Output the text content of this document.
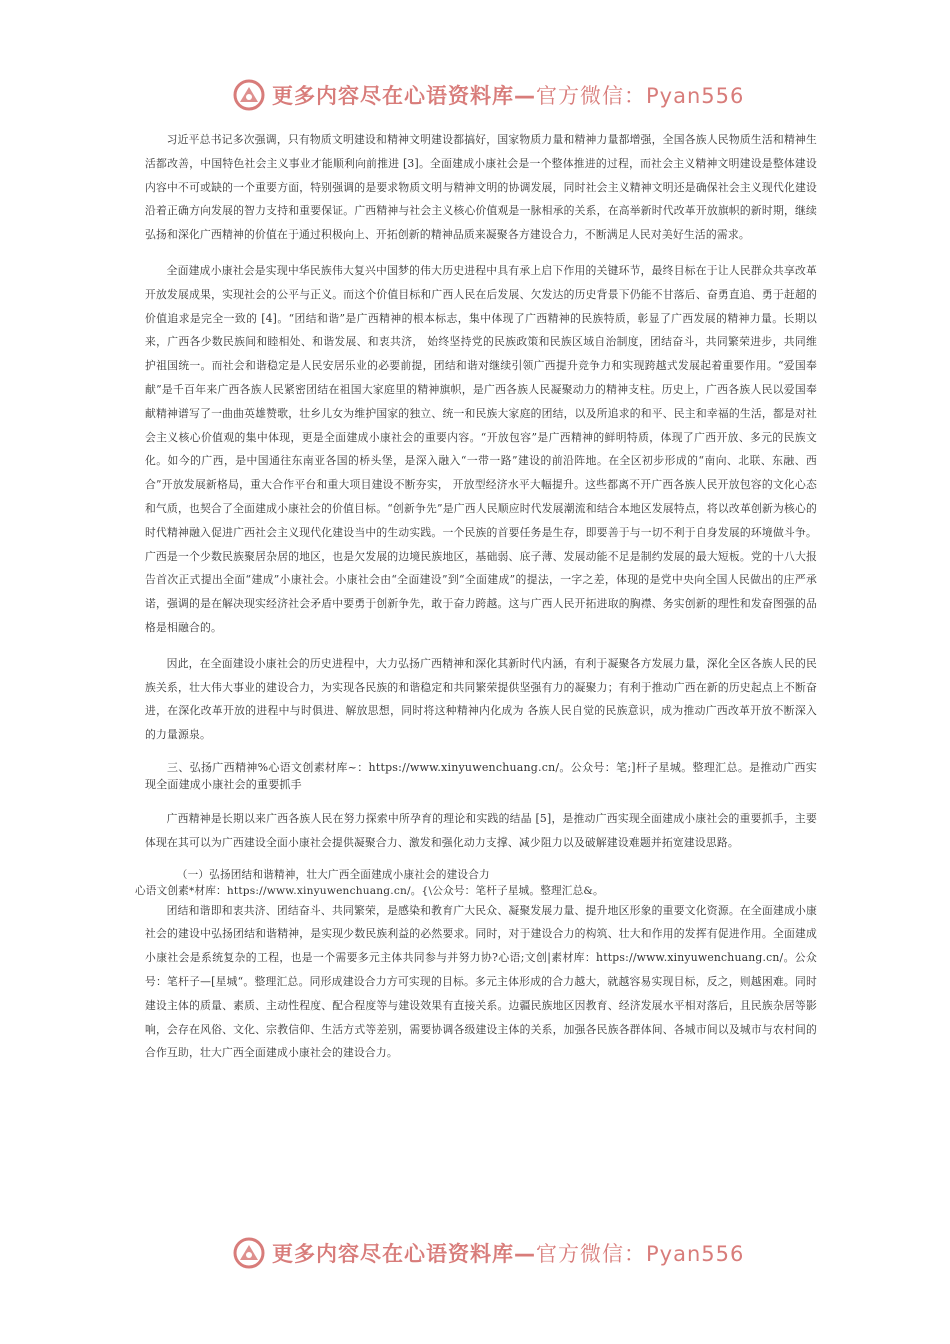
更多内容尽在心语资料库—官方微信：Pyan556

习近平总书记多次强调，只有物质文明建设和精神文明建设都搞好，国家物质力量和精神力量都增强，全国各族人民物质生活和精神生活都改善，中国特色社会主义事业才能顺利向前推进 [3]。全面建成小康社会是一个整体推进的过程，而社会主义精神文明建设是整体建设内容中不可或缺的一个重要方面，特别强调的是要求物质文明与精神文明的协调发展，同时社会主义精神文明还是确保社会主义现代化建设沿着正确方向发展的智力支持和重要保证。广西精神与社会主义核心价值观是一脉相承的关系，在高举新时代改革开放旗帜的新时期，继续弘扬和深化广西精神的价值在于通过积极向上、开拓创新的精神品质来凝聚各方建设合力，不断满足人民对美好生活的需求。

全面建成小康社会是实现中华民族伟大复兴中国梦的伟大历史进程中具有承上启下作用的关键环节，最终目标在于让人民群众共享改革开放发展成果，实现社会的公平与正义。而这个价值目标和广西人民在后发展、欠发达的历史背景下仍能不甘落后、奋勇直追、勇于赶超的价值追求是完全一致的 [4]。“团结和谐”是广西精神的根本标志，集中体现了广西精神的民族特质，彰显了广西发展的精神力量。长期以来，广西各少数民族间和睦相处、和谐发展、和衷共济， 始终坚持党的民族政策和民族区域自治制度，团结奋斗，共同繁荣进步，共同维护祖国统一。而社会和谐稳定是人民安居乐业的必要前提，团结和谐对继续引领广西提升竞争力和实现跨越式发展起着重要作用。“爱国奉献”是千百年来广西各族人民紧密团结在祖国大家庭里的精神旗帜，是广西各族人民凝聚动力的精神支柱。历史上，广西各族人民以爱国奉献精神谱写了一曲曲英雄赞歌，壮乡儿女为维护国家的独立、统一和民族大家庭的团结，以及所追求的和平、民主和幸福的生活，都是对社会主义核心价值观的集中体现，更是全面建成小康社会的重要内容。“开放包容”是广西精神的鲜明特质，体现了广西开放、多元的民族文化。如今的广西，是中国通往东南亚各国的桥头堡，是深入融入“一带一路”建设的前沿阵地。在全区初步形成的“南向、北联、东融、西合”开放发展新格局，重大合作平台和重大项目建设不断夯实， 开放型经济水平大幅提升。这些都离不开广西各族人民开放包容的文化心态和气质，也契合了全面建成小康社会的价值目标。“创新争先”是广西人民顺应时代发展潮流和结合本地区发展特点，将以改革创新为核心的时代精神融入促进广西社会主义现代化建设当中的生动实践。一个民族的首要任务是生存，即要善于与一切不利于自身发展的环境做斗争。广西是一个少数民族聚居杂居的地区，也是欠发展的边境民族地区，基础弱、底子薄、发展动能不足是制约发展的最大短板。党的十八大报告首次正式提出全面“建成”小康社会。小康社会由“全面建设”到“全面建成”的提法，一字之差，体现的是党中央向全国人民做出的庄严承诺，强调的是在解决现实经济社会矛盾中要勇于创新争先，敢于奋力跨越。这与广西人民开拓进取的胸襟、务实创新的理性和发奋图强的品格是相融合的。

因此，在全面建设小康社会的历史进程中，大力弘扬广西精神和深化其新时代内涵，有利于凝聚各方发展力量，深化全区各族人民的民族关系，壮大伟大事业的建设合力，为实现各民族的和谐稳定和共同繁荣提供坚强有力的凝聚力；有利于推动广西在新的历史起点上不断奋进，在深化改革开放的进程中与时俱进、解放思想，同时将这种精神内化成为 各族人民自觉的民族意识，成为推动广西改革开放不断深入的力量源泉。

三、弘扬广西精神%心语文创素材库~：https://www.xinyuwenchuang.cn/。公众号：笔;]杆子星城。整理汇总。是推动广西实现全面建成小康社会的重要抓手

广西精神是长期以来广西各族人民在努力探索中所孕育的理论和实践的结晶 [5]，是推动广西实现全面建成小康社会的重要抓手，主要体现在其可以为广西建设全面小康社会提供凝聚合力、激发和强化动力支撑、减少阻力以及破解建设难题并拓宽建设思路。

（一）弘扬团结和谐精神，壮大广西全面建成小康社会的建设合力

心语文创素*材库：https://www.xinyuwenchuang.cn/。{\公众号：笔杆子星城。整理汇总&。

团结和谐即和衷共济、团结奋斗、共同繁荣，是感染和教育广大民众、凝聚发展力量、提升地区形象的重要文化资源。在全面建成小康社会的建设中弘扬团结和谐精神，是实现少数民族利益的必然要求。同时，对于建设合力的构筑、壮大和作用的发挥有促进作用。全面建成小康社会是系统复杂的工程，也是一个需要多元主体共同参与并努力协?心语;文创|素材库：https://www.xinyuwenchuang.cn/。公众号：笔杆子—[星城“。整理汇总。同形成建设合力方可实现的目标。多元主体形成的合力越大，就越容易实现目标，反之，则越困难。同时建设主体的质量、素质、主动性程度、配合程度等与建设效果有直接关系。边疆民族地区因教育、经济发展水平相对落后，且民族杂居等影响，会存在风俗、文化、宗教信仰、生活方式等差别，需要协调各级建设主体的关系，加强各民族各群体间、各城市间以及城市与农村间的合作互助，壮大广西全面建成小康社会的建设合力。

更多内容尽在心语资料库—官方微信：Pyan556
